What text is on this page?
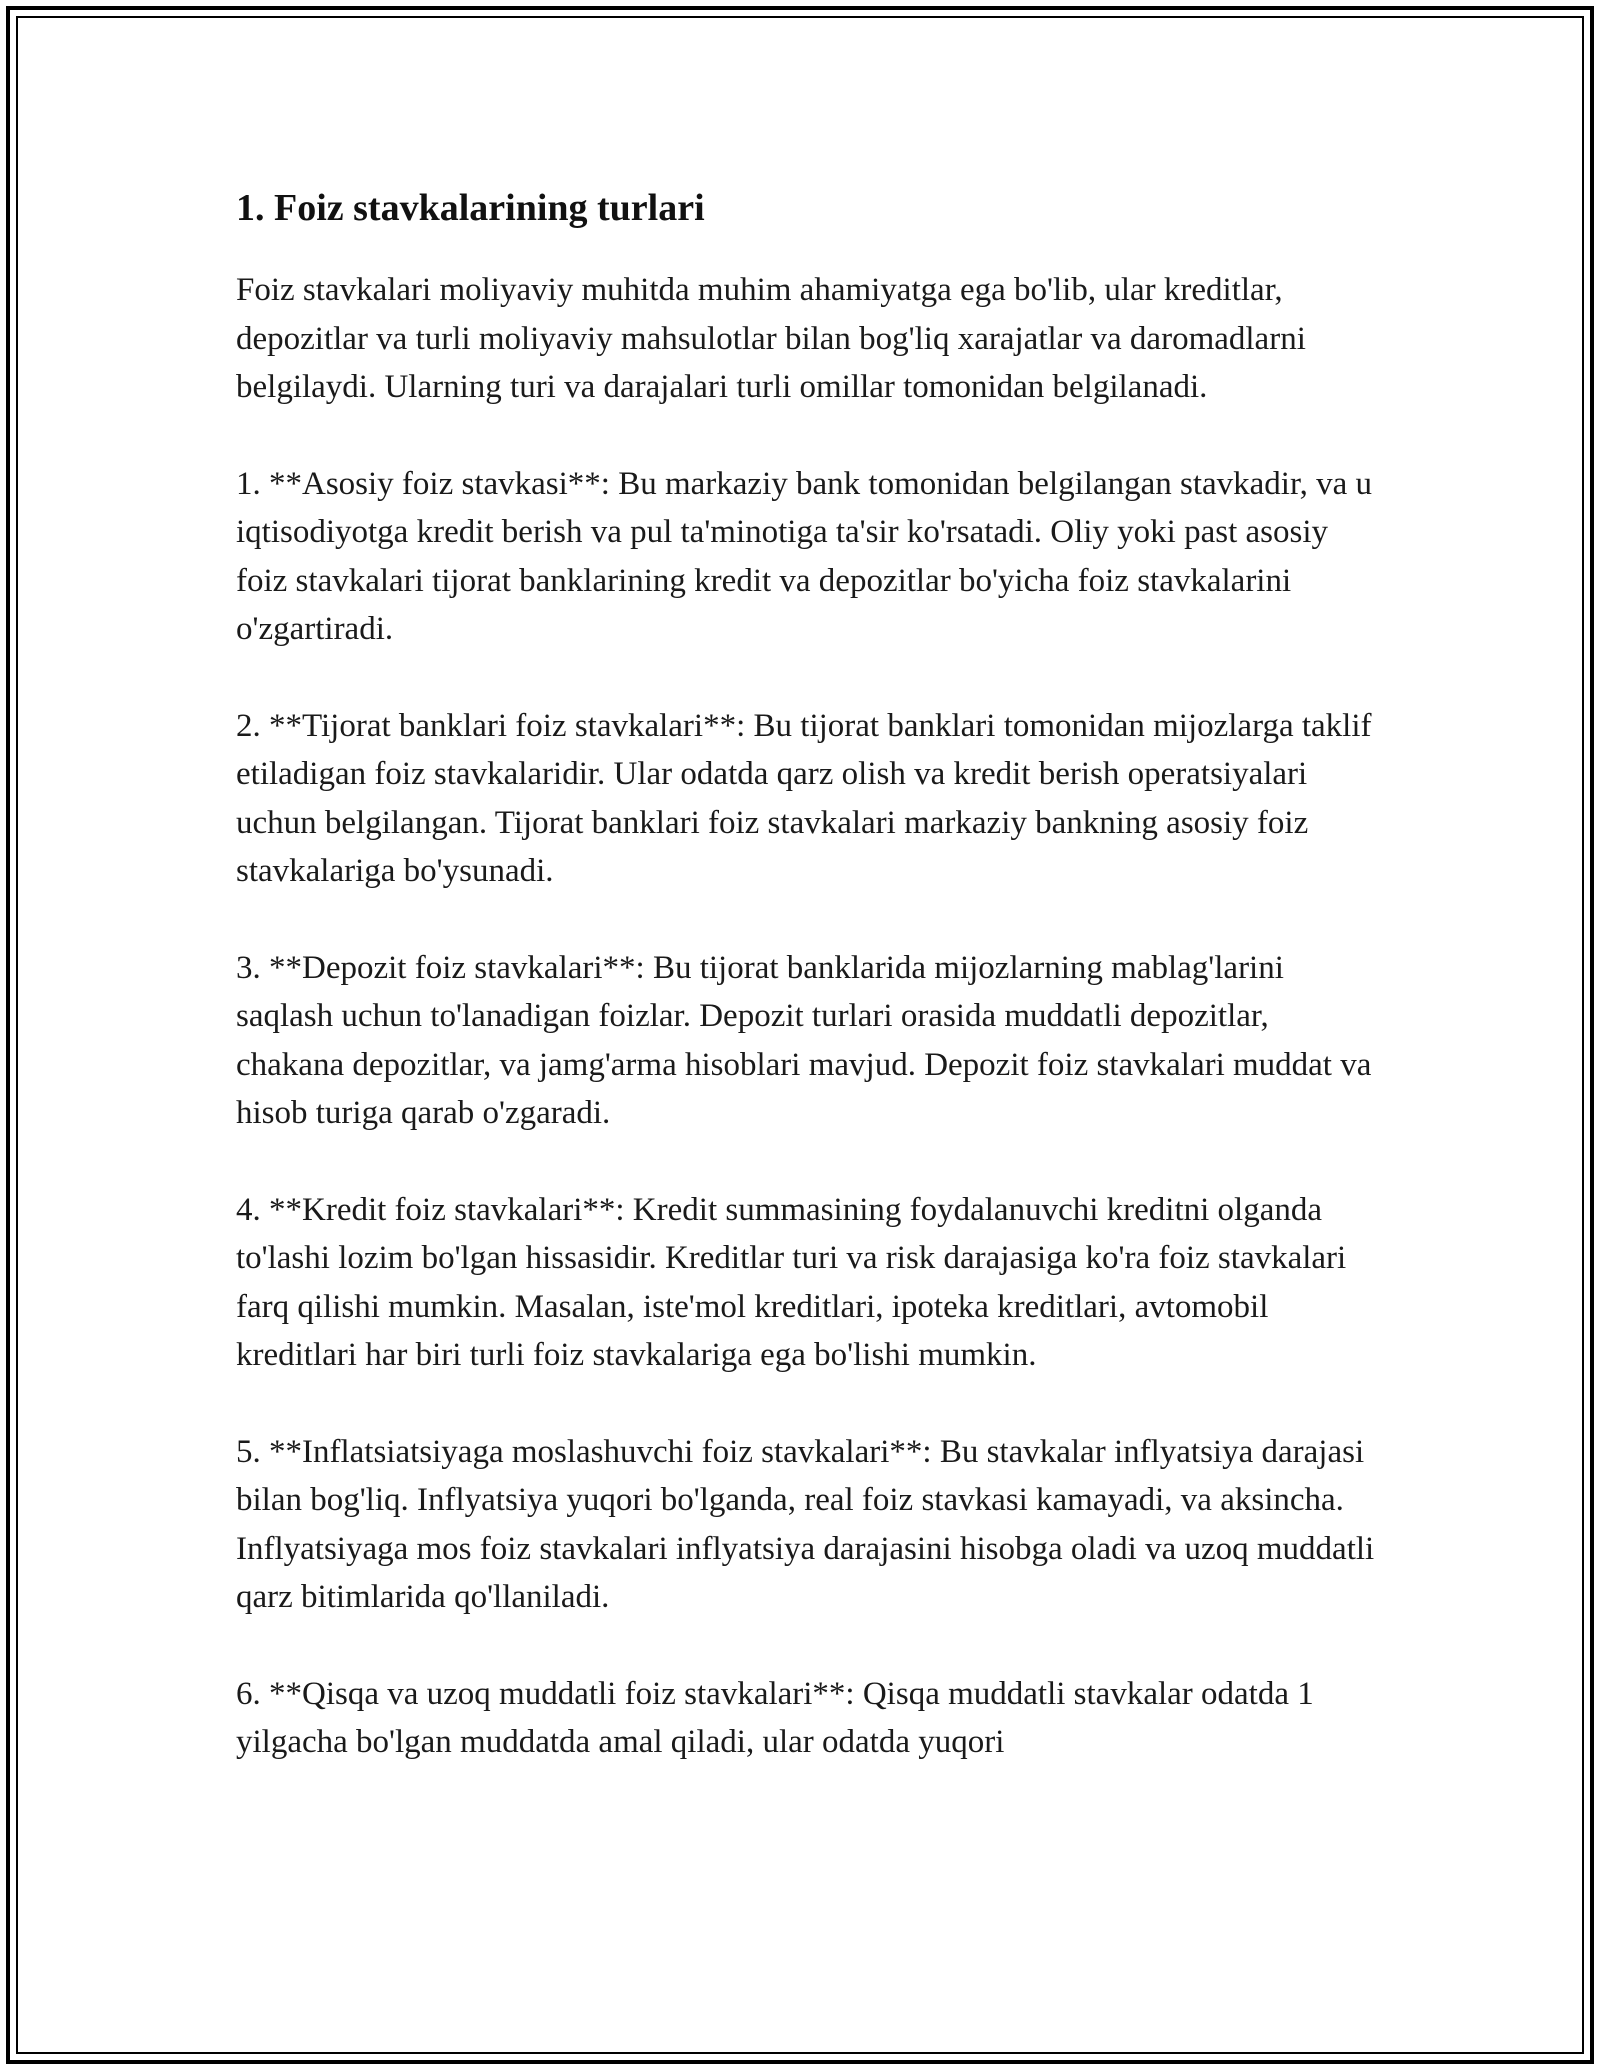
1. Foiz stavkalarining turlari

Foiz stavkalari moliyaviy muhitda muhim ahamiyatga ega bo'lib, ular kreditlar, depozitlar va turli moliyaviy mahsulotlar bilan bog'liq xarajatlar va daromadlarni belgilaydi. Ularning turi va darajalari turli omillar tomonidan belgilanadi.

1. **Asosiy foiz stavkasi**: Bu markaziy bank tomonidan belgilangan stavkadir, va u iqtisodiyotga kredit berish va pul ta'minotiga ta'sir ko'rsatadi. Oliy yoki past asosiy foiz stavkalari tijorat banklarining kredit va depozitlar bo'yicha foiz stavkalarini o'zgartiradi.

2. **Tijorat banklari foiz stavkalari**: Bu tijorat banklari tomonidan mijozlarga taklif etiladigan foiz stavkalaridir. Ular odatda qarz olish va kredit berish operatsiyalari uchun belgilangan. Tijorat banklari foiz stavkalari markaziy bankning asosiy foiz stavkalariga bo'ysunadi.

3. **Depozit foiz stavkalari**: Bu tijorat banklarida mijozlarning mablag'larini saqlash uchun to'lanadigan foizlar. Depozit turlari orasida muddatli depozitlar, chakana depozitlar, va jamg'arma hisoblari mavjud. Depozit foiz stavkalari muddat va hisob turiga qarab o'zgaradi.

4. **Kredit foiz stavkalari**: Kredit summasining foydalanuvchi kreditni olganda to'lashi lozim bo'lgan hissasidir. Kreditlar turi va risk darajasiga ko'ra foiz stavkalari farq qilishi mumkin. Masalan, iste'mol kreditlari, ipoteka kreditlari, avtomobil kreditlari har biri turli foiz stavkalariga ega bo'lishi mumkin.

5. **Inflatsiatsiyaga moslashuvchi foiz stavkalari**: Bu stavkalar inflyatsiya darajasi bilan bog'liq. Inflyatsiya yuqori bo'lganda, real foiz stavkasi kamayadi, va aksincha. Inflyatsiyaga mos foiz stavkalari inflyatsiya darajasini hisobga oladi va uzoq muddatli qarz bitimlarida qo'llaniladi.

6. **Qisqa va uzoq muddatli foiz stavkalari**: Qisqa muddatli stavkalar odatda 1 yilgacha bo'lgan muddatda amal qiladi, ular odatda yuqori
